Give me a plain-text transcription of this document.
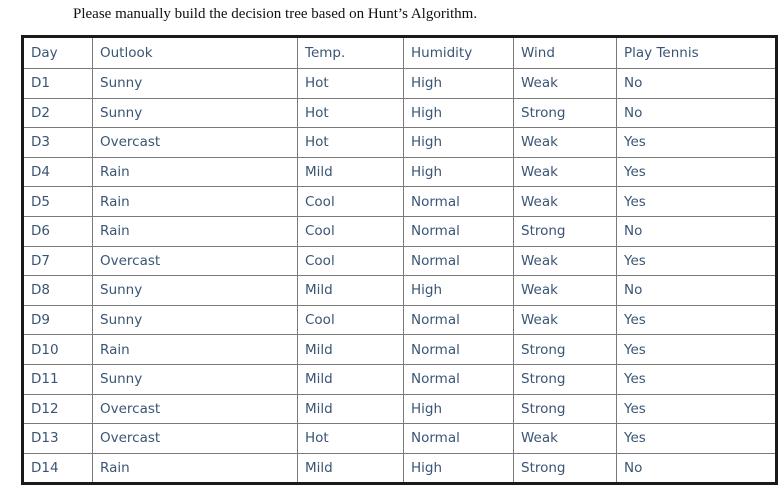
Please manually build the decision tree based on Hunt’s Algorithm.
Day	Outlook	Temp.	Humidity	Wind	Play Tennis
D1	Sunny	Hot	High	Weak	No
D2	Sunny	Hot	High	Strong	No
D3	Overcast	Hot	High	Weak	Yes
D4	Rain	Mild	High	Weak	Yes
D5	Rain	Cool	Normal	Weak	Yes
D6	Rain	Cool	Normal	Strong	No
D7	Overcast	Cool	Normal	Weak	Yes
D8	Sunny	Mild	High	Weak	No
D9	Sunny	Cool	Normal	Weak	Yes
D10	Rain	Mild	Normal	Strong	Yes
D11	Sunny	Mild	Normal	Strong	Yes
D12	Overcast	Mild	High	Strong	Yes
D13	Overcast	Hot	Normal	Weak	Yes
D14	Rain	Mild	High	Strong	No
